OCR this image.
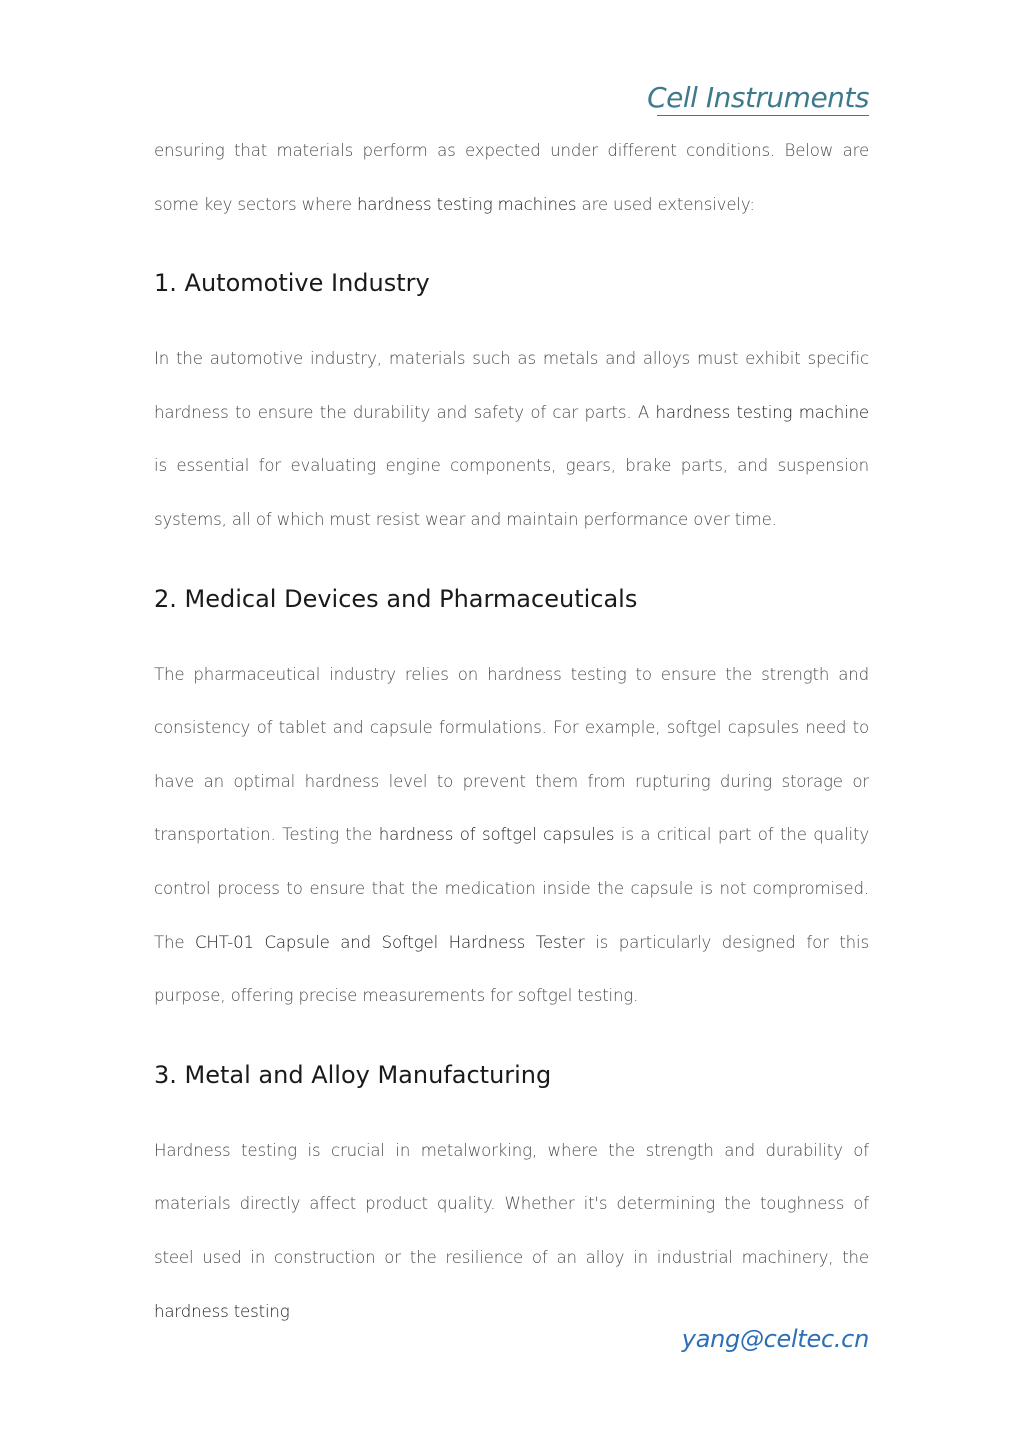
Cell Instruments

ensuring that materials perform as expected under different conditions. Below are some key sectors where hardness testing machines are used extensively:

1. Automotive Industry

In the automotive industry, materials such as metals and alloys must exhibit specific hardness to ensure the durability and safety of car parts. A hardness testing machine is essential for evaluating engine components, gears, brake parts, and suspension systems, all of which must resist wear and maintain performance over time.

2. Medical Devices and Pharmaceuticals

The pharmaceutical industry relies on hardness testing to ensure the strength and consistency of tablet and capsule formulations. For example, softgel capsules need to have an optimal hardness level to prevent them from rupturing during storage or transportation. Testing the hardness of softgel capsules is a critical part of the quality control process to ensure that the medication inside the capsule is not compromised. The CHT-01 Capsule and Softgel Hardness Tester is particularly designed for this purpose, offering precise measurements for softgel testing.

3. Metal and Alloy Manufacturing

Hardness testing is crucial in metalworking, where the strength and durability of materials directly affect product quality. Whether it's determining the toughness of steel used in construction or the resilience of an alloy in industrial machinery, the hardness testing

yang@celtec.cn
